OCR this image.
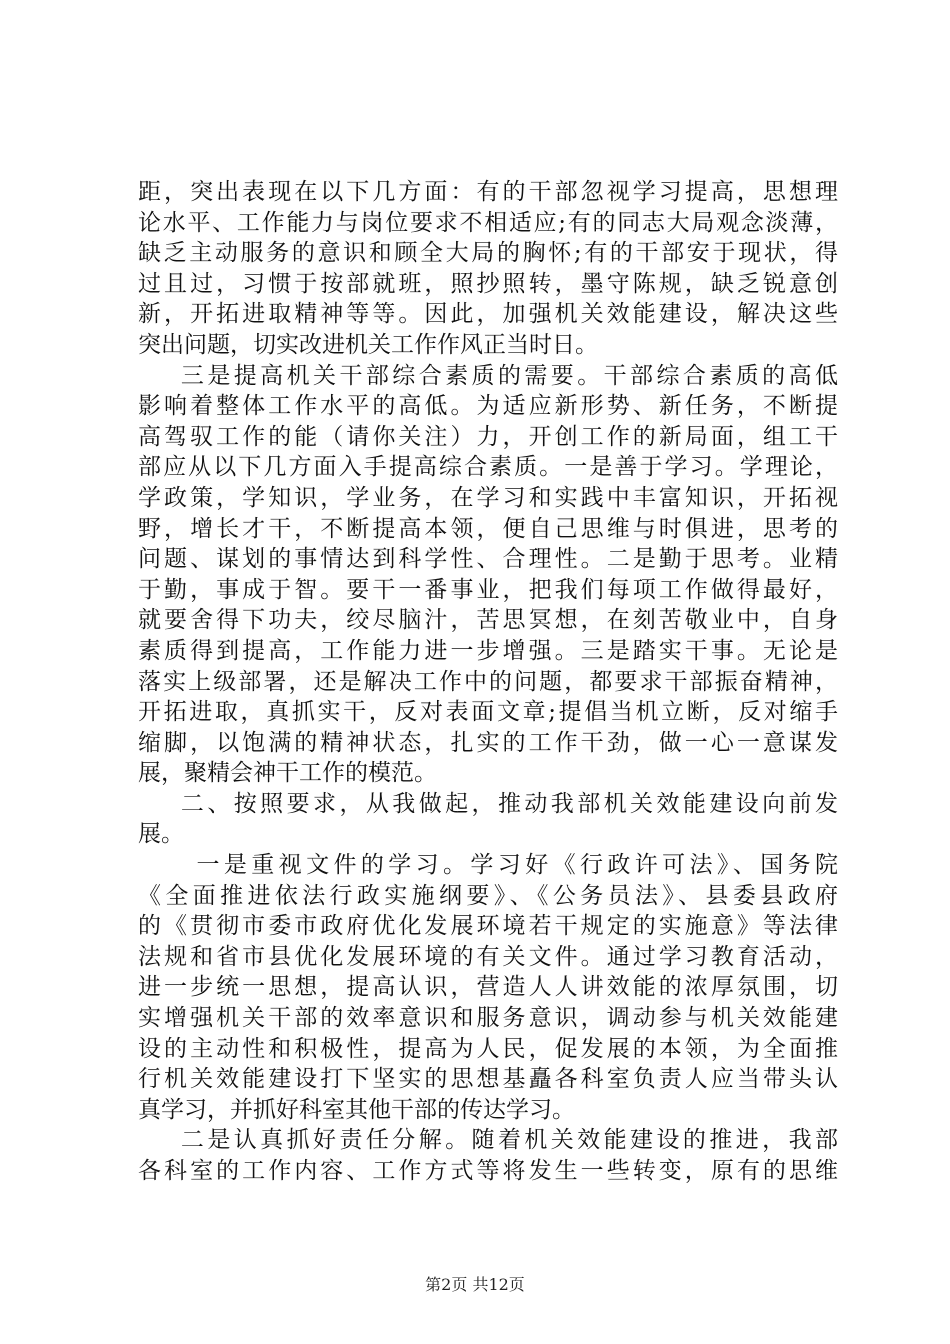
距，突出表现在以下几方面：有的干部忽视学习提高，思想理
论水平、工作能力与岗位要求不相适应;有的同志大局观念淡薄，
缺乏主动服务的意识和顾全大局的胸怀;有的干部安于现状，得
过且过，习惯于按部就班，照抄照转，墨守陈规，缺乏锐意创
新，开拓进取精神等等。因此，加强机关效能建设，解决这些
突出问题，切实改进机关工作作风正当时日。
三是提高机关干部综合素质的需要。干部综合素质的高低
影响着整体工作水平的高低。为适应新形势、新任务，不断提
高驾驭工作的能（请你关注）力，开创工作的新局面，组工干
部应从以下几方面入手提高综合素质。一是善于学习。学理论，
学政策，学知识，学业务，在学习和实践中丰富知识，开拓视
野，增长才干，不断提高本领，便自己思维与时俱进，思考的
问题、谋划的事情达到科学性、合理性。二是勤于思考。业精
于勤，事成于智。要干一番事业，把我们每项工作做得最好，
就要舍得下功夫，绞尽脑汁，苦思冥想，在刻苦敬业中，自身
素质得到提高，工作能力进一步增强。三是踏实干事。无论是
落实上级部署，还是解决工作中的问题，都要求干部振奋精神，
开拓进取，真抓实干，反对表面文章;提倡当机立断，反对缩手
缩脚，以饱满的精神状态，扎实的工作干劲，做一心一意谋发
展，聚精会神干工作的模范。
二、按照要求，从我做起，推动我部机关效能建设向前发
展。
一是重视文件的学习。学习好《行政许可法》、国务院
《全面推进依法行政实施纲要》、《公务员法》、县委县政府
的《贯彻市委市政府优化发展环境若干规定的实施意》等法律
法规和省市县优化发展环境的有关文件。通过学习教育活动，
进一步统一思想，提高认识，营造人人讲效能的浓厚氛围，切
实增强机关干部的效率意识和服务意识，调动参与机关效能建
设的主动性和积极性，提高为人民，促发展的本领，为全面推
行机关效能建设打下坚实的思想基矗各科室负责人应当带头认
真学习，并抓好科室其他干部的传达学习。
二是认真抓好责任分解。随着机关效能建设的推进，我部
各科室的工作内容、工作方式等将发生一些转变，原有的思维
第2页 共12页
